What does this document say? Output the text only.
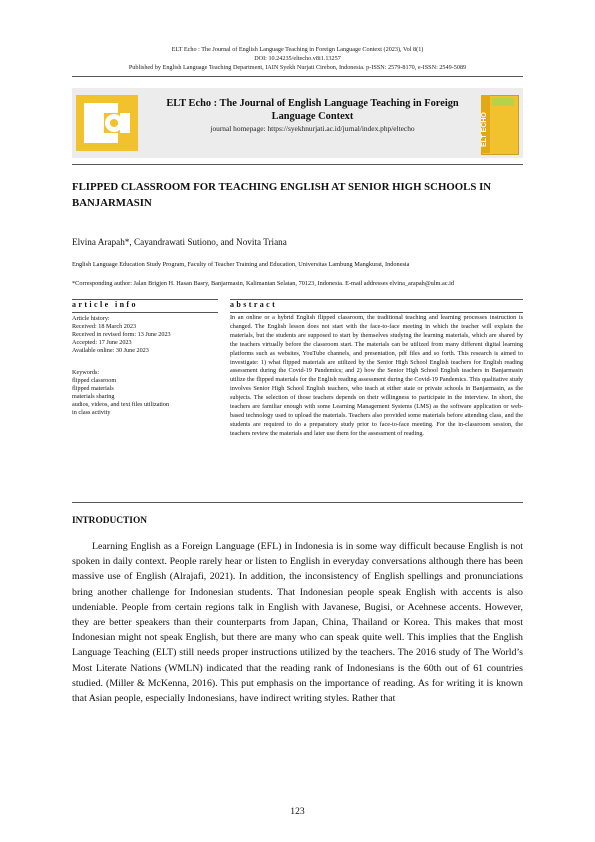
ELT Echo : The Journal of English Language Teaching in Foreign Language Context (2023), Vol 8(1)
DOI: 10.24235/eltecho.v8i1.13257
Published by English Language Teaching Department, IAIN Syekh Nurjati Cirebon, Indonesia. p-ISSN: 2579-8170, e-ISSN: 2549-5089
ELT Echo : The Journal of English Language Teaching in Foreign Language Context
journal homepage: https://syekhnurjati.ac.id/jurnal/index.php/eltecho	ELT ECHO
FLIPPED CLASSROOM FOR TEACHING ENGLISH AT SENIOR HIGH SCHOOLS IN BANJARMASIN
Elvina Arapah*, Cayandrawati Sutiono, and Novita Triana
English Language Education Study Program, Faculty of Teacher Training and Education, Universitas Lambung Mangkurat, Indonesia
*Corresponding author: Jalan Brigjen H. Hasan Basry, Banjarmasin, Kalimantan Selatan, 70123, Indonesia. E-mail addresses elvina_arapah@ulm.ac.id
article info
Article history:
Received: 18 March 2023
Received in revised form: 13 June 2023
Accepted: 17 June 2023
Available online: 30 June 2023
Keywords:
flipped classroom
flipped materials
materials sharing
audios, videos, and text files utilization
in class activity
abstract
In an online or a hybrid English flipped classroom, the traditional teaching and learning processes instruction is changed. The English lesson does not start with the face-to-face meeting in which the teacher will explain the materials, but the students are supposed to start by themselves studying the learning materials, which are shared by the teachers virtually before the classroom start. The materials can be utilized from many different digital learning platforms such as websites, YouTube channels, and presentation, pdf files and so forth. This research is aimed to investigate: 1) what flipped materials are utilized by the Senior High School English teachers for English reading assessment during the Covid-19 Pandemics; and 2) how the Senior High School English teachers in Banjarmasin utilize the flipped materials for the English reading assessment during the Covid-19 Pandemics. This qualitative study involves Senior High School English teachers, who teach at either state or private schools in Banjarmasin, as the subjects. The selection of those teachers depends on their willingness to participate in the interview. In short, the teachers are familiar enough with some Learning Management Systems (LMS) as the software application or web-based technology used to upload the materials. Teachers also provided some materials before attending class, and the students are required to do a preparatory study prior to face-to-face meeting. For the in-classroom session, the teachers review the materials and later use them for the assessment of reading.
INTRODUCTION
Learning English as a Foreign Language (EFL) in Indonesia is in some way difficult because English is not spoken in daily context. People rarely hear or listen to English in everyday conversations although there has been massive use of English (Alrajafi, 2021). In addition, the inconsistency of English spellings and pronunciations bring another challenge for Indonesian students. That Indonesian people speak English with accents is also undeniable. People from certain regions talk in English with Javanese, Bugisi, or Acehnese accents. However, they are better speakers than their counterparts from Japan, China, Thailand or Korea. This makes that most Indonesian might not speak English, but there are many who can speak quite well. This implies that the English Language Teaching (ELT) still needs proper instructions utilized by the teachers. The 2016 study of The World’s Most Literate Nations (WMLN) indicated that the reading rank of Indonesians is the 60th out of 61 countries studied. (Miller & McKenna, 2016). This put emphasis on the importance of reading. As for writing it is known that Asian people, especially Indonesians, have indirect writing styles. Rather that
123
